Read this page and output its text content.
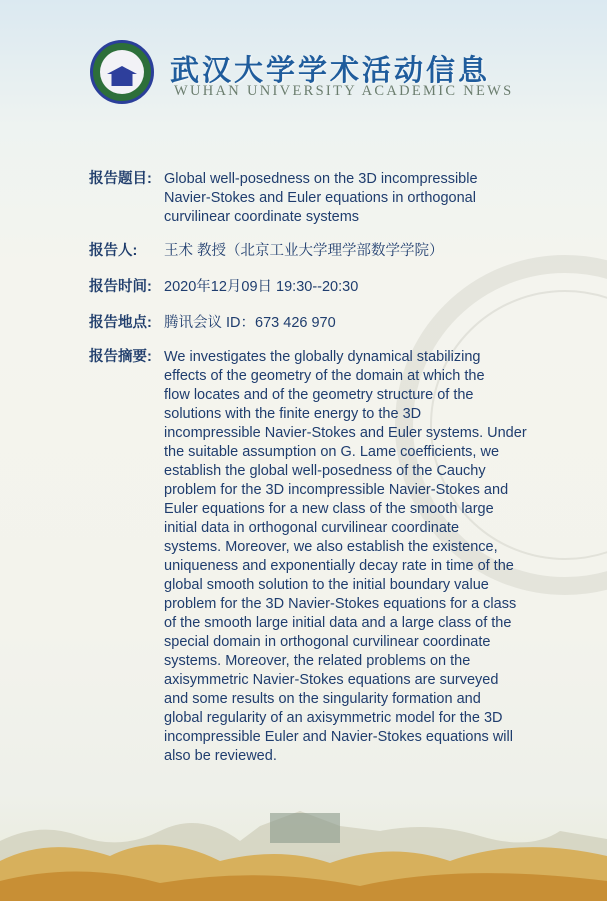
武汉大学学术活动信息
WUHAN UNIVERSITY ACADEMIC NEWS
报告题目: Global well-posedness on the 3D incompressible
Navier-Stokes and Euler equations in orthogonal
curvilinear coordinate systems
报告人:	王术 教授（北京工业大学理学部数学学院）
报告时间: 2020年12月09日 19:30--20:30
报告地点: 腾讯会议 ID：673 426 970
报告摘要: We investigates the globally dynamical stabilizing
effects of the geometry of the domain at which the
flow locates and of the geometry structure of the
solutions with the finite energy to the 3D
incompressible Navier-Stokes and Euler systems. Under
the suitable assumption on G. Lame coefficients, we
establish the global well-posedness of the Cauchy
problem for the 3D incompressible Navier-Stokes and
Euler equations for a new class of the smooth large
initial data in orthogonal curvilinear coordinate
systems. Moreover, we also establish the existence,
uniqueness and exponentially decay rate in time of the
global smooth solution to the initial boundary value
problem for the 3D Navier-Stokes equations for a class
of the smooth large initial data and a large class of the
special domain in orthogonal curvilinear coordinate
systems. Moreover, the related problems on the
axisymmetric Navier-Stokes equations are surveyed
and some results on the singularity formation and
global regularity of an axisymmetric model for the 3D
incompressible Euler and Navier-Stokes equations will
also be reviewed.
